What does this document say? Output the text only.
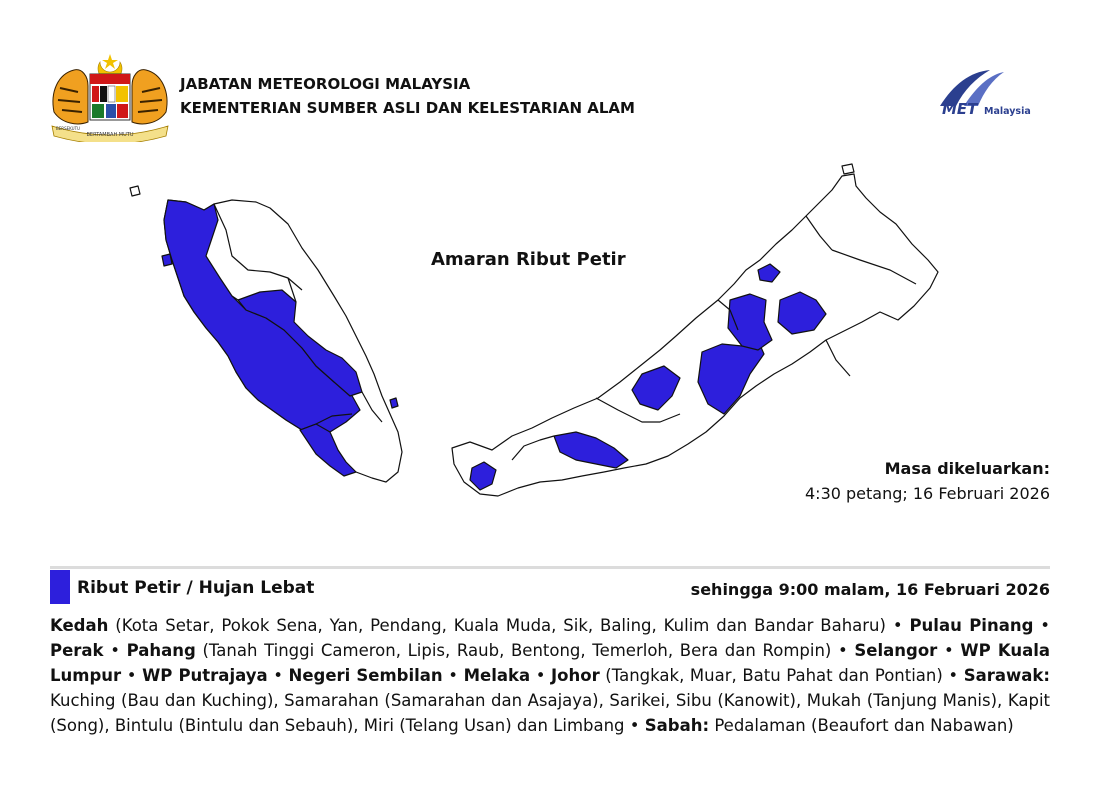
BERTAMBAH MUTU
BERSEKUTU
JABATAN METEOROLOGI MALAYSIA
KEMENTERIAN SUMBER ASLI DAN KELESTARIAN ALAM	MET Malaysia
Amaran Ribut Petir
Masa dikeluarkan:
4:30 petang; 16 Februari 2026
Ribut Petir / Hujan Lebat	sehingga 9:00 malam, 16 Februari 2026
Kedah (Kota Setar, Pokok Sena, Yan, Pendang, Kuala Muda, Sik, Baling, Kulim dan Bandar Baharu) • Pulau Pinang • Perak • Pahang (Tanah Tinggi Cameron, Lipis, Raub, Bentong, Temerloh, Bera dan Rompin) • Selangor • WP Kuala Lumpur • WP Putrajaya • Negeri Sembilan • Melaka • Johor (Tangkak, Muar, Batu Pahat dan Pontian) • Sarawak: Kuching (Bau dan Kuching), Samarahan (Samarahan dan Asajaya), Sarikei, Sibu (Kanowit), Mukah (Tanjung Manis), Kapit (Song), Bintulu (Bintulu dan Sebauh), Miri (Telang Usan) dan Limbang • Sabah: Pedalaman (Beaufort dan Nabawan)
